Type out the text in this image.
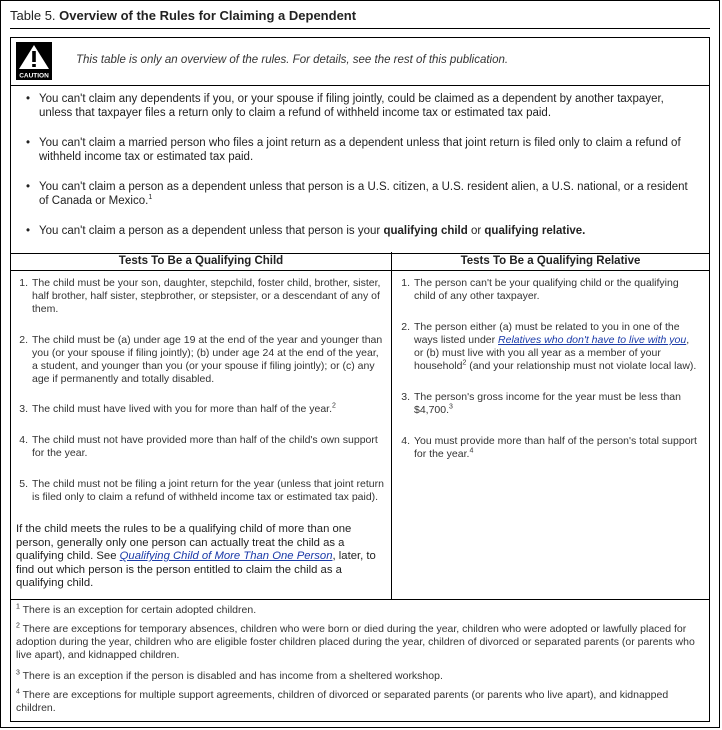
Table 5. Overview of the Rules for Claiming a Dependent
CAUTION
This table is only an overview of the rules. For details, see the rest of this publication.
• You can't claim any dependents if you, or your spouse if filing jointly, could be claimed as a dependent by another taxpayer, unless that taxpayer files a return only to claim a refund of withheld income tax or estimated tax paid.
• You can't claim a married person who files a joint return as a dependent unless that joint return is filed only to claim a refund of withheld income tax or estimated tax paid.
• You can't claim a person as a dependent unless that person is a U.S. citizen, a U.S. resident alien, a U.S. national, or a resident of Canada or Mexico.$^1$
• You can't claim a person as a dependent unless that person is your qualifying child or qualifying relative.
Tests To Be a Qualifying Child	Tests To Be a Qualifying Relative
1. The child must be your son, daughter, stepchild, foster child, brother, sister, half brother, half sister, stepbrother, or stepsister, or a descendant of any of them.
2. The child must be (a) under age 19 at the end of the year and younger than you (or your spouse if filing jointly); (b) under age 24 at the end of the year, a student, and younger than you (or your spouse if filing jointly); or (c) any age if permanently and totally disabled.
3. The child must have lived with you for more than half of the year.$^2$
4. The child must not have provided more than half of the child's own support for the year.
5. The child must not be filing a joint return for the year (unless that joint return is filed only to claim a refund of withheld income tax or estimated tax paid).
If the child meets the rules to be a qualifying child of more than one person, generally only one person can actually treat the child as a qualifying child. See Qualifying Child of More Than One Person, later, to find out which person is the person entitled to claim the child as a qualifying child.
1. The person can't be your qualifying child or the qualifying child of any other taxpayer.
2. The person either (a) must be related to you in one of the ways listed under Relatives who don't have to live with you, or (b) must live with you all year as a member of your household$^2$ (and your relationship must not violate local law).
3. The person's gross income for the year must be less than $4,700.$^3$
4. You must provide more than half of the person's total support for the year.$^4$
$^1$ There is an exception for certain adopted children.
$^2$ There are exceptions for temporary absences, children who were born or died during the year, children who were adopted or lawfully placed for adoption during the year, children who are eligible foster children placed during the year, children of divorced or separated parents (or parents who live apart), and kidnapped children.
$^3$ There is an exception if the person is disabled and has income from a sheltered workshop.
$^4$ There are exceptions for multiple support agreements, children of divorced or separated parents (or parents who live apart), and kidnapped children.
